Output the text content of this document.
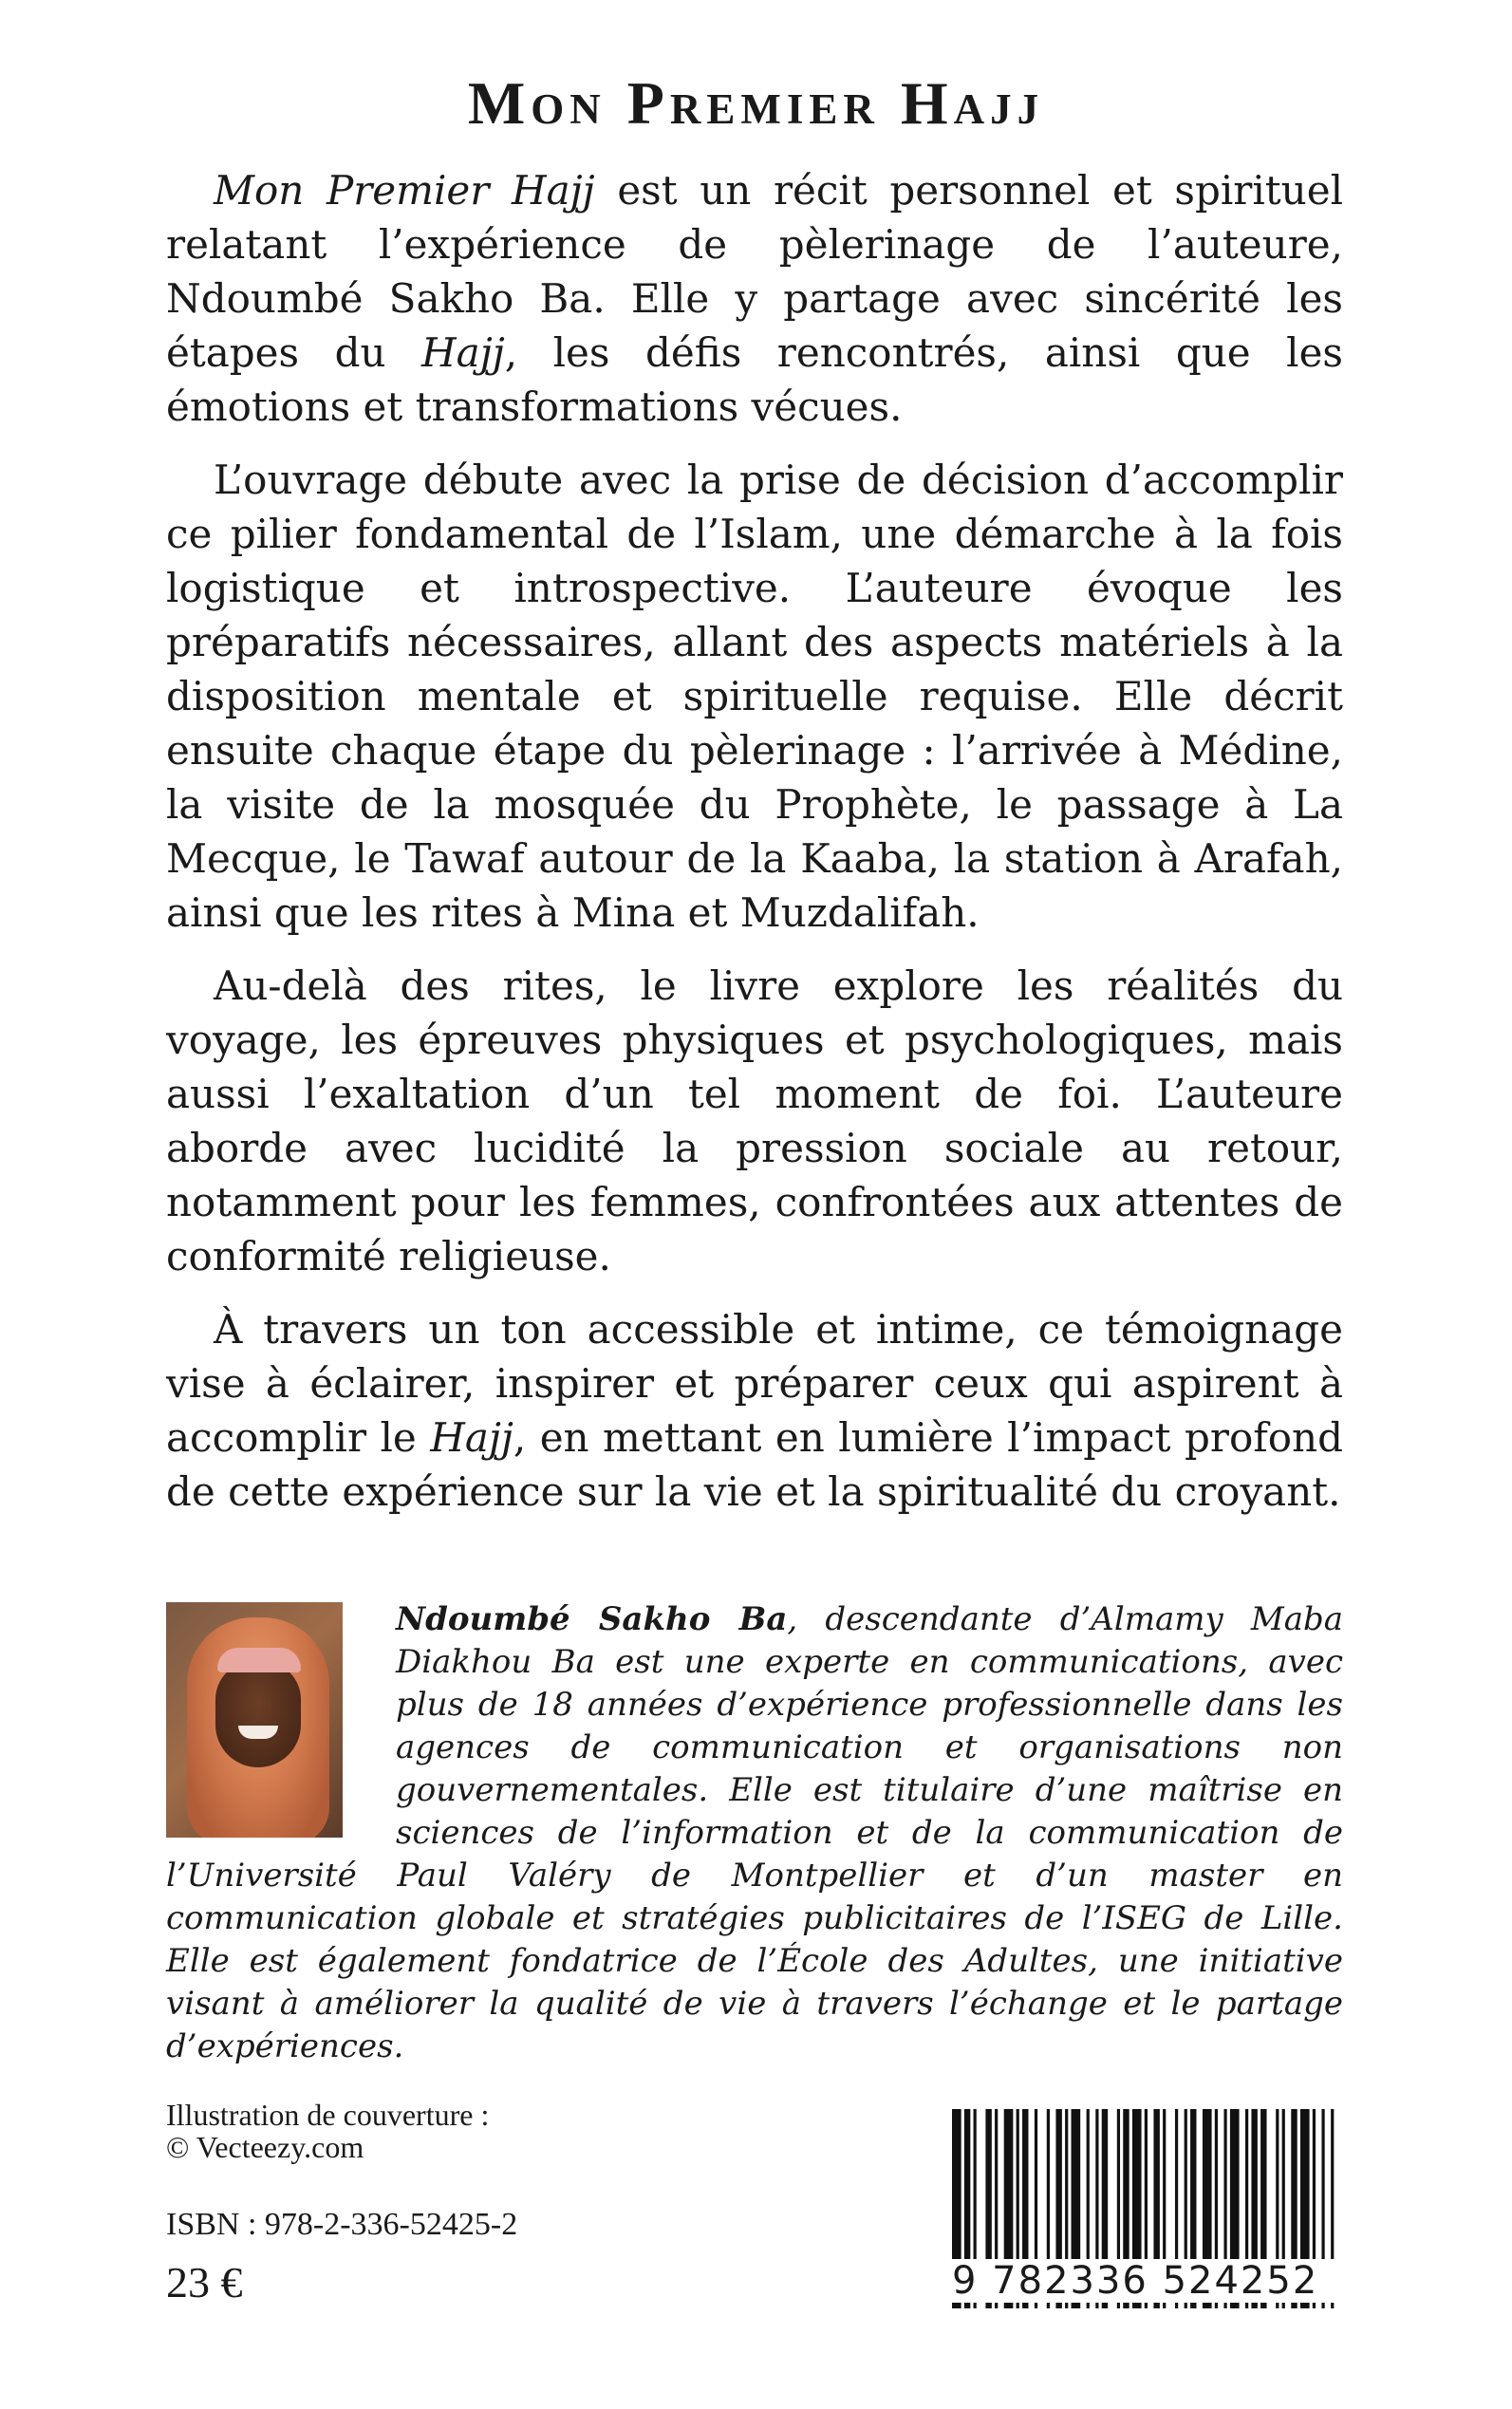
Mon Premier Hajj

Mon Premier Hajj est un récit personnel et spirituel relatant l’expérience de pèlerinage de l’auteure, Ndoumbé Sakho Ba. Elle y partage avec sincérité les étapes du Hajj, les défis rencontrés, ainsi que les émotions et transformations vécues.

L’ouvrage débute avec la prise de décision d’accomplir ce pilier fondamental de l’Islam, une démarche à la fois logistique et introspective. L’auteure évoque les préparatifs nécessaires, allant des aspects matériels à la disposition mentale et spirituelle requise. Elle décrit ensuite chaque étape du pèlerinage : l’arrivée à Médine, la visite de la mosquée du Prophète, le passage à La Mecque, le Tawaf autour de la Kaaba, la station à Arafah, ainsi que les rites à Mina et Muzdalifah.

Au-delà des rites, le livre explore les réalités du voyage, les épreuves physiques et psychologiques, mais aussi l’exaltation d’un tel moment de foi. L’auteure aborde avec lucidité la pression sociale au retour, notamment pour les femmes, confrontées aux attentes de conformité religieuse.

À travers un ton accessible et intime, ce témoignage vise à éclairer, inspirer et préparer ceux qui aspirent à accomplir le Hajj, en mettant en lumière l’impact profond de cette expérience sur la vie et la spiritualité du croyant.

Ndoumbé Sakho Ba, descendante d’Almamy Maba Diakhou Ba est une experte en communications, avec plus de 18 années d’expérience professionnelle dans les agences de communication et organisations non gouvernementales. Elle est titulaire d’une maîtrise en sciences de l’information et de la communication de l’Université Paul Valéry de Montpellier et d’un master en communication globale et stratégies publicitaires de l’ISEG de Lille. Elle est également fondatrice de l’École des Adultes, une initiative visant à améliorer la qualité de vie à travers l’échange et le partage d’expériences.
Illustration de couverture :
© Vecteezy.com
ISBN : 978-2-336-52425-2
23 €	9 782336 524252
